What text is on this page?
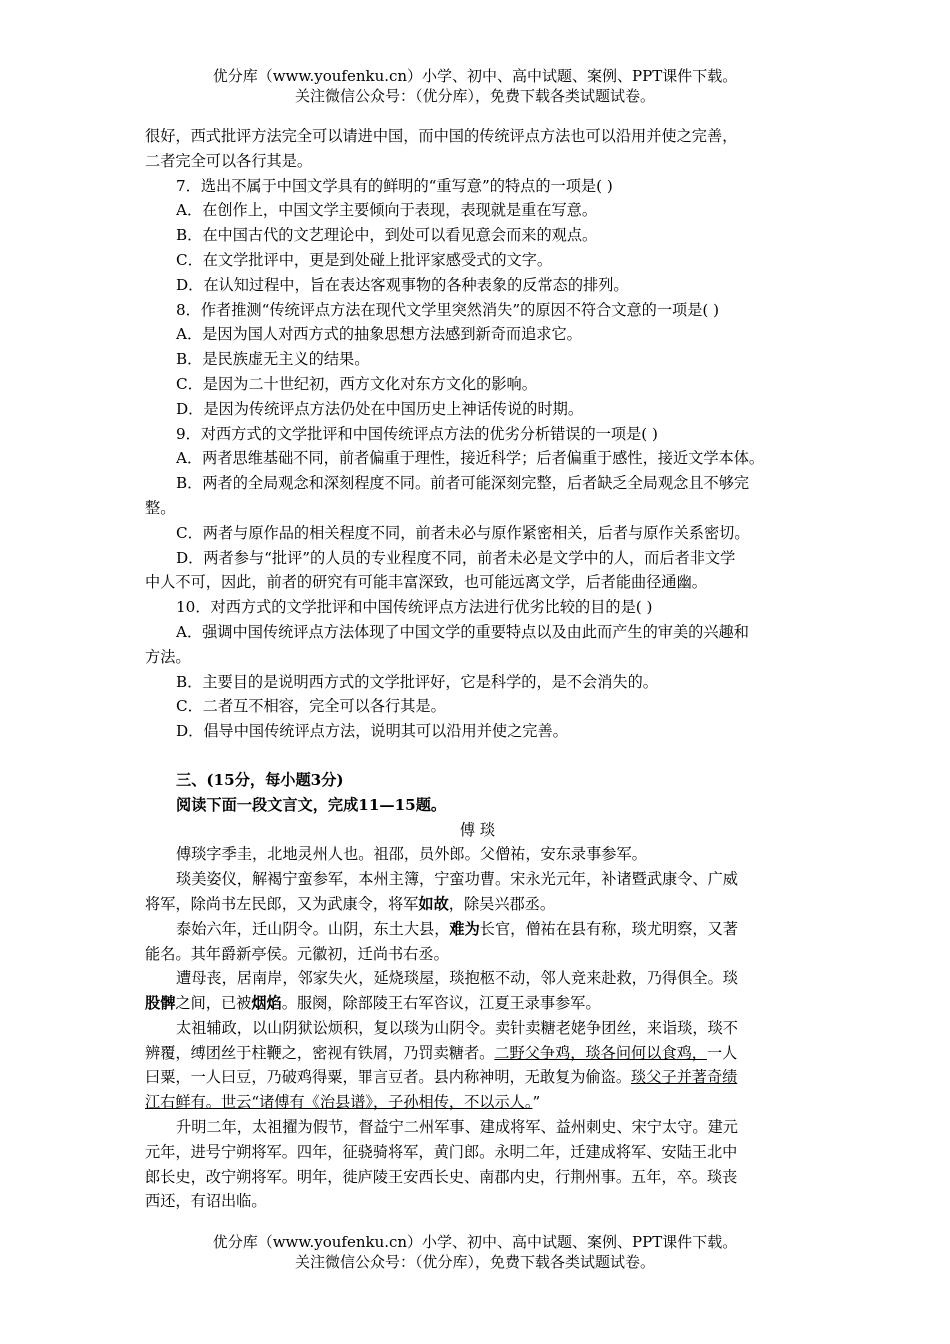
优分库（www.youfenku.cn）小学、初中、高中试题、案例、PPT课件下载。
关注微信公众号：（优分库），免费下载各类试题试卷。

很好，西式批评方法完全可以请进中国，而中国的传统评点方法也可以沿用并使之完善，

二者完全可以各行其是。

7．选出不属于中国文学具有的鲜明的“重写意”的特点的一项是( )

A．在创作上，中国文学主要倾向于表现，表现就是重在写意。

B．在中国古代的文艺理论中，到处可以看见意会而来的观点。

C．在文学批评中，更是到处碰上批评家感受式的文字。

D．在认知过程中，旨在表达客观事物的各种表象的反常态的排列。

8．作者推测“传统评点方法在现代文学里突然消失”的原因不符合文意的一项是( )

A．是因为国人对西方式的抽象思想方法感到新奇而追求它。

B．是民族虚无主义的结果。

C．是因为二十世纪初，西方文化对东方文化的影响。

D．是因为传统评点方法仍处在中国历史上神话传说的时期。

9．对西方式的文学批评和中国传统评点方法的优劣分析错误的一项是( )

A．两者思维基础不同，前者偏重于理性，接近科学；后者偏重于感性，接近文学本体。

B．两者的全局观念和深刻程度不同。前者可能深刻完整，后者缺乏全局观念且不够完

整。

C．两者与原作品的相关程度不同，前者未必与原作紧密相关，后者与原作关系密切。

D．两者参与“批评”的人员的专业程度不同，前者未必是文学中的人，而后者非文学

中人不可，因此，前者的研究有可能丰富深致，也可能远离文学，后者能曲径通幽。

10．对西方式的文学批评和中国传统评点方法进行优劣比较的目的是( )

A．强调中国传统评点方法体现了中国文学的重要特点以及由此而产生的审美的兴趣和

方法。

B．主要目的是说明西方式的文学批评好，它是科学的，是不会消失的。

C．二者互不相容，完全可以各行其是。

D．倡导中国传统评点方法，说明其可以沿用并使之完善。

三、(15分，每小题3分)

阅读下面一段文言文，完成11—15题。

傅 琰

傅琰字季圭，北地灵州人也。祖邵，员外郎。父僧祐，安东录事参军。

琰美姿仪，解褐宁蛮参军，本州主簿，宁蛮功曹。宋永光元年，补诸暨武康令、广威

将军，除尚书左民郎，又为武康令，将军如故，除吴兴郡丞。

泰始六年，迁山阴令。山阴，东土大县，难为长官，僧祐在县有称，琰尤明察，又著

能名。其年爵新亭侯。元徽初，迁尚书右丞。

遭母丧，居南岸，邻家失火，延烧琰屋，琰抱柩不动，邻人竞来赴救，乃得俱全。琰

股髀之间，已被烟焰。服阕，除部陵王右军咨议，江夏王录事参军。

太祖辅政，以山阴狱讼烦积，复以琰为山阴令。卖针卖糖老姥争团丝，来诣琰，琰不

辨覆，缚团丝于柱鞭之，密视有铁屑，乃罚卖糖者。二野父争鸡，琰各问何以食鸡，一人

曰粟，一人曰豆，乃破鸡得粟，罪言豆者。县内称神明，无敢复为偷盗。琰父子并著奇绩

江右鲜有。世云“诸傅有《治县谱》，子孙相传，不以示人。”

升明二年，太祖擢为假节，督益宁二州军事、建成将军、益州刺史、宋宁太守。建元

元年，进号宁朔将军。四年，征骁骑将军，黄门郎。永明二年，迁建成将军、安陆王北中

郎长史，改宁朔将军。明年，徙庐陵王安西长史、南郡内史，行荆州事。五年，卒。琰丧

西还，有诏出临。

优分库（www.youfenku.cn）小学、初中、高中试题、案例、PPT课件下载。
关注微信公众号：（优分库），免费下载各类试题试卷。
